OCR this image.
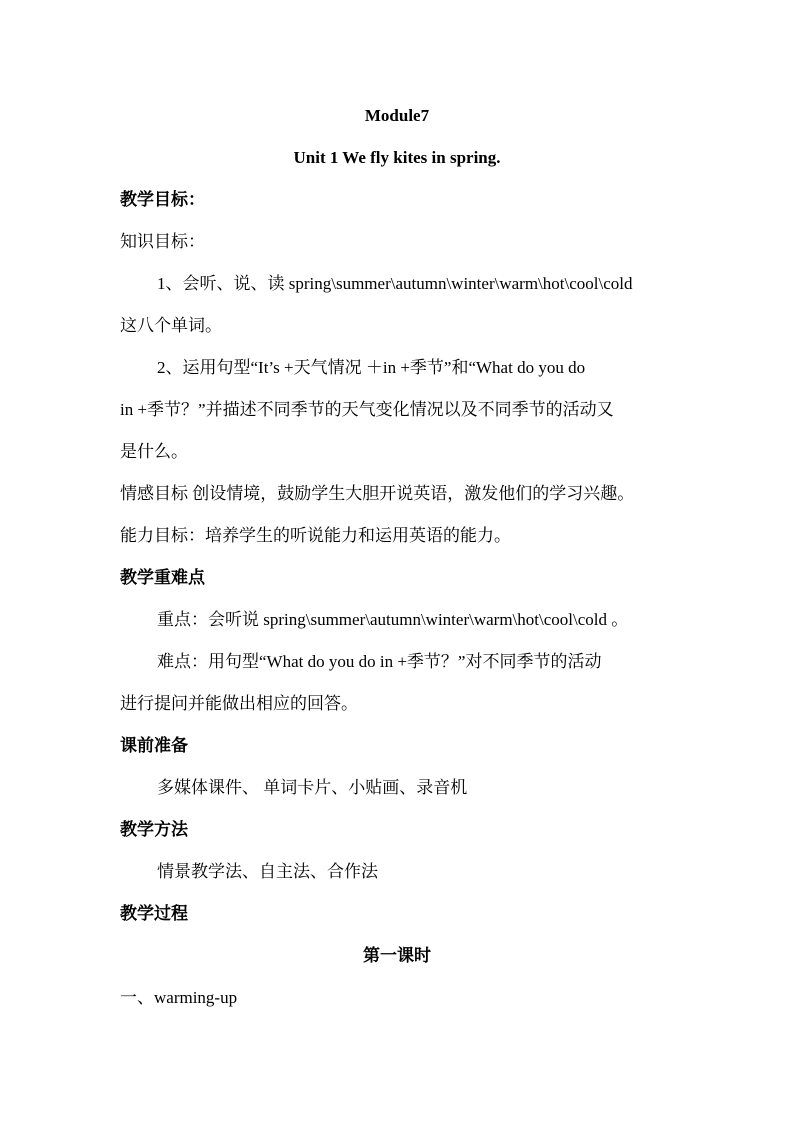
Module7
Unit 1 We fly kites in spring.
教学目标：
知识目标：
1、会听、说、读 spring\summer\autumn\winter\warm\hot\cool\cold
这八个单词。
2、运用句型“It’s +天气情况 ＋in +季节”和“What do you do
in +季节？”并描述不同季节的天气变化情况以及不同季节的活动又
是什么。
情感目标 创设情境，鼓励学生大胆开说英语，激发他们的学习兴趣。
能力目标：培养学生的听说能力和运用英语的能力。
教学重难点
重点：会听说 spring\summer\autumn\winter\warm\hot\cool\cold 。
难点：用句型“What do you do in +季节？”对不同季节的活动
进行提问并能做出相应的回答。
课前准备
多媒体课件、 单词卡片、小贴画、录音机
教学方法
情景教学法、自主法、合作法
教学过程
第一课时
一、warming-up
